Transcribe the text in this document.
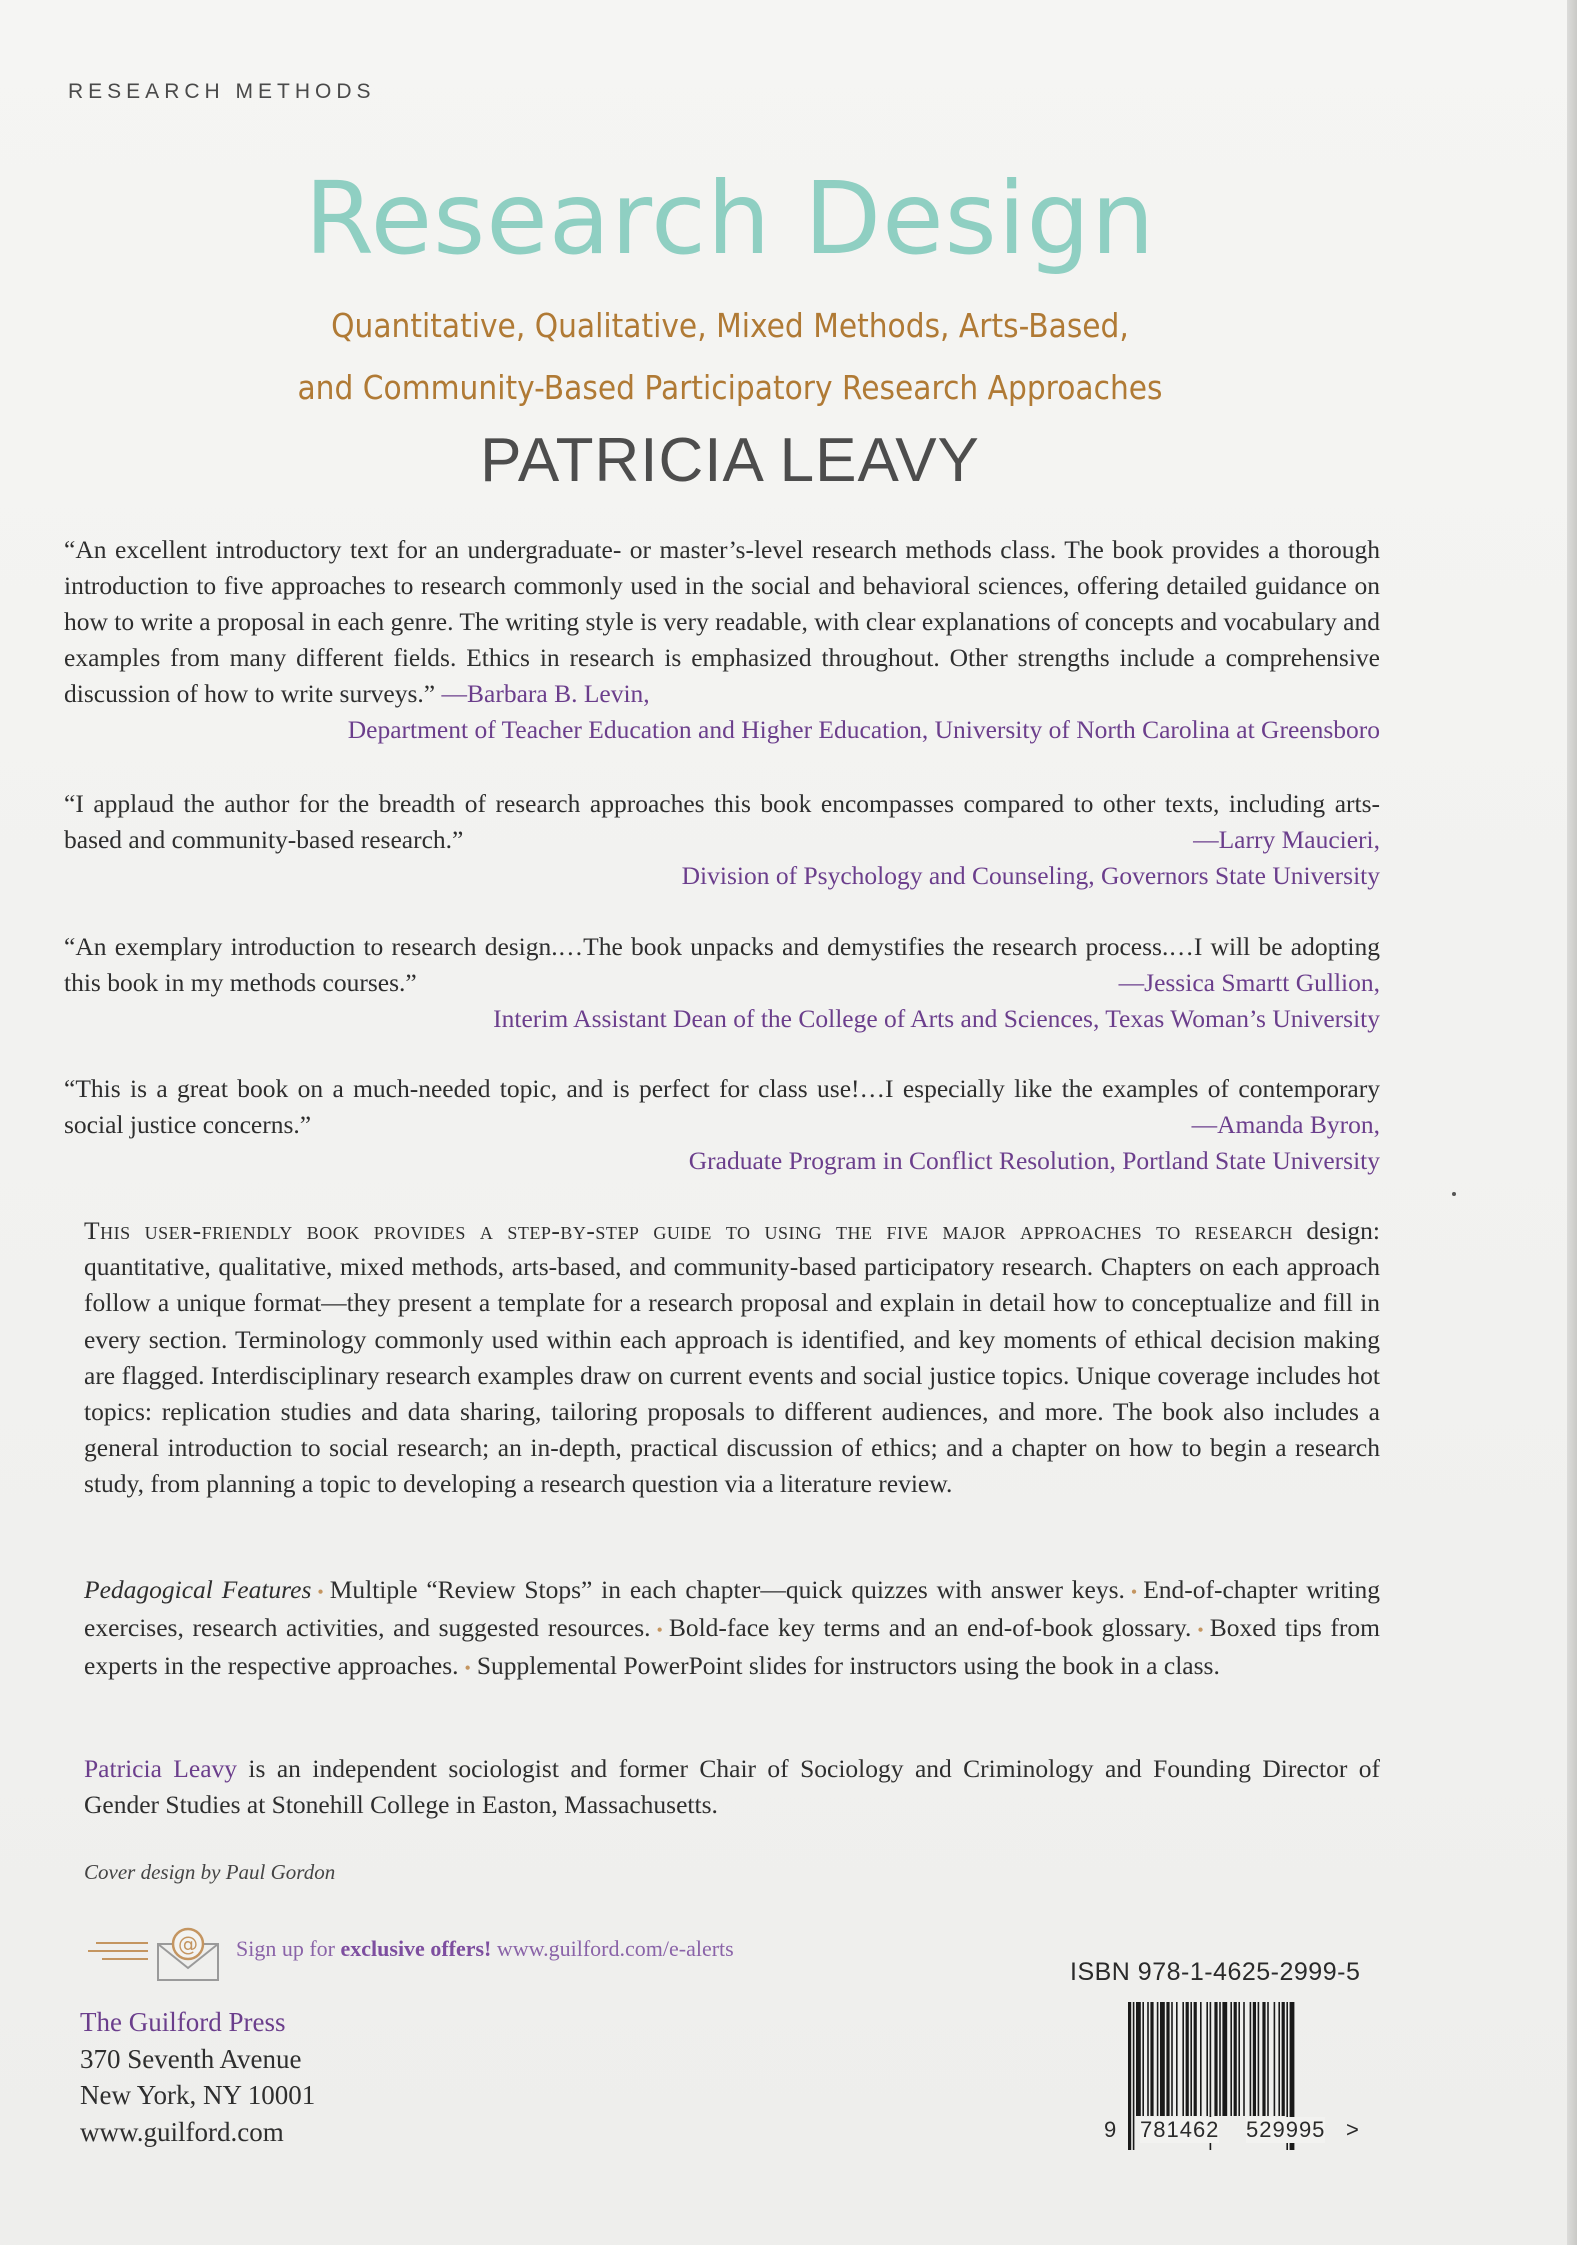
RESEARCH METHODS
Research Design
Quantitative, Qualitative, Mixed Methods, Arts-Based,
and Community-Based Participatory Research Approaches
PATRICIA LEAVY
“An excellent introductory text for an undergraduate- or master’s-level research methods class. The book provides a thorough introduction to five approaches to research commonly used in the social and behavioral sciences, offering detailed guidance on how to write a proposal in each genre. The writing style is very readable, with clear explanations of concepts and vocabulary and examples from many different fields. Ethics in research is emphasized throughout. Other strengths include a comprehensive discussion of how to write surveys.” —Barbara B. Levin,
Department of Teacher Education and Higher Education, University of North Carolina at Greensboro
“I applaud the author for the breadth of research approaches this book encompasses compared to other texts, including arts-based and community-based research.”	—Larry Maucieri,
Division of Psychology and Counseling, Governors State University
“An exemplary introduction to research design.…The book unpacks and demystifies the research process.…I will be adopting this book in my methods courses.”	—Jessica Smartt Gullion,
Interim Assistant Dean of the College of Arts and Sciences, Texas Woman’s University
“This is a great book on a much-needed topic, and is perfect for class use!…I especially like the examples of contemporary social justice concerns.”	—Amanda Byron,
Graduate Program in Conflict Resolution, Portland State University
This user-friendly book provides a step-by-step guide to using the five major approaches to research design: quantitative, qualitative, mixed methods, arts-based, and community-based participatory research. Chapters on each approach follow a unique format—they present a template for a research proposal and explain in detail how to conceptualize and fill in every section. Terminology commonly used within each approach is identified, and key moments of ethical decision making are flagged. Interdisciplinary research examples draw on current events and social justice topics. Unique coverage includes hot topics: replication studies and data sharing, tailoring proposals to different audiences, and more. The book also includes a general introduction to social research; an in-depth, practical discussion of ethics; and a chapter on how to begin a research study, from planning a topic to developing a research question via a literature review.
Pedagogical Features • Multiple “Review Stops” in each chapter—quick quizzes with answer keys. • End-of-chapter writing exercises, research activities, and suggested resources. • Bold-face key terms and an end-of-book glossary. • Boxed tips from experts in the respective approaches. • Supplemental PowerPoint slides for instructors using the book in a class.
Patricia Leavy is an independent sociologist and former Chair of Sociology and Criminology and Founding Director of Gender Studies at Stonehill College in Easton, Massachusetts.
Cover design by Paul Gordon
@ Sign up for exclusive offers! www.guilford.com/e-alerts
The Guilford Press
370 Seventh Avenue
New York, NY 10001
www.guilford.com
ISBN 978-1-4625-2999-5
9 781462 529995 >
